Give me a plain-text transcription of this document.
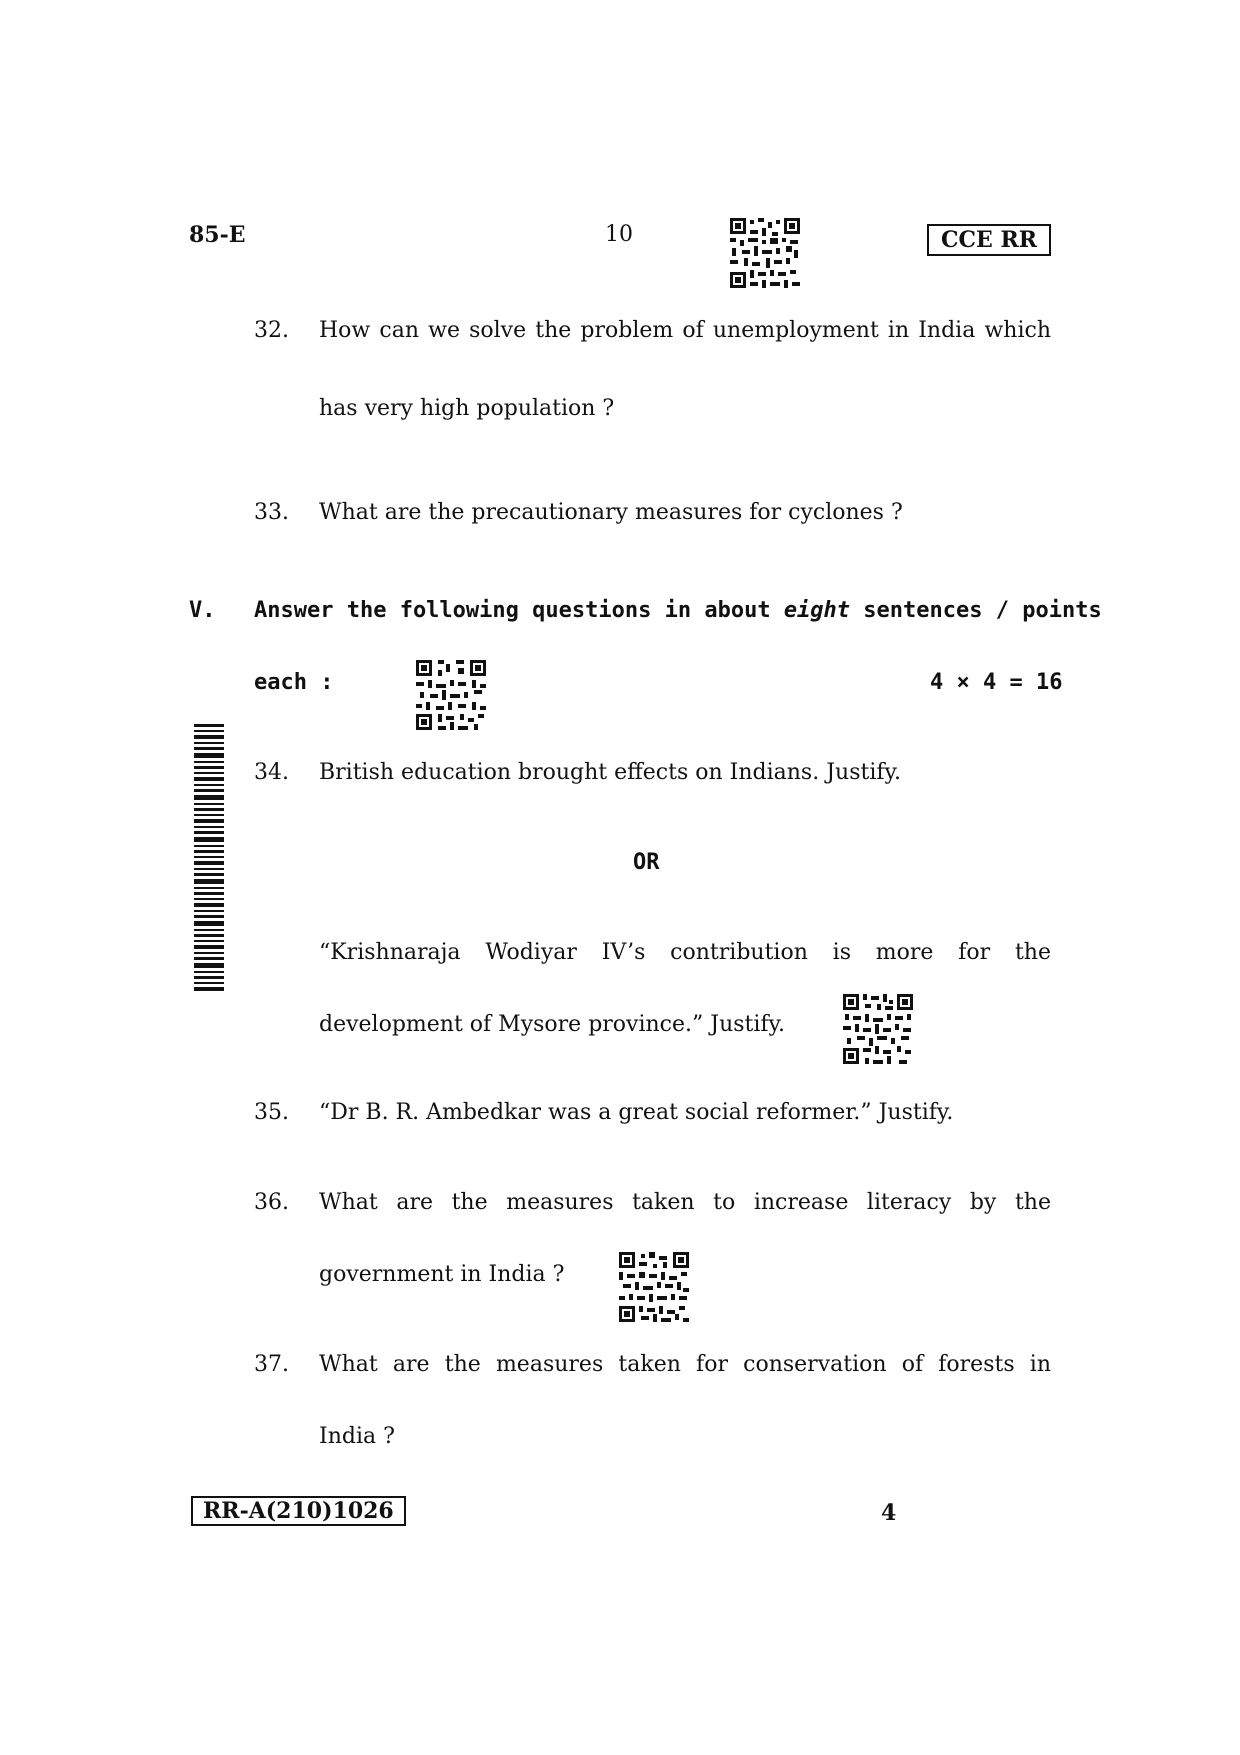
85-E	10	CCE RR
32. How can we solve the problem of unemployment in India which
has very high population ?
33. What are the precautionary measures for cyclones ?
V. Answer the following questions in about eight sentences / points
each :	4 × 4 = 16
34. British education brought effects on Indians. Justify.
OR
“Krishnaraja Wodiyar IV’s contribution is more for the
development of Mysore province.” Justify.
35. “Dr B. R. Ambedkar was a great social reformer.” Justify.
36. What are the measures taken to increase literacy by the
government in India ?
37. What are the measures taken for conservation of forests in
India ?
RR-A(210)1026	4
